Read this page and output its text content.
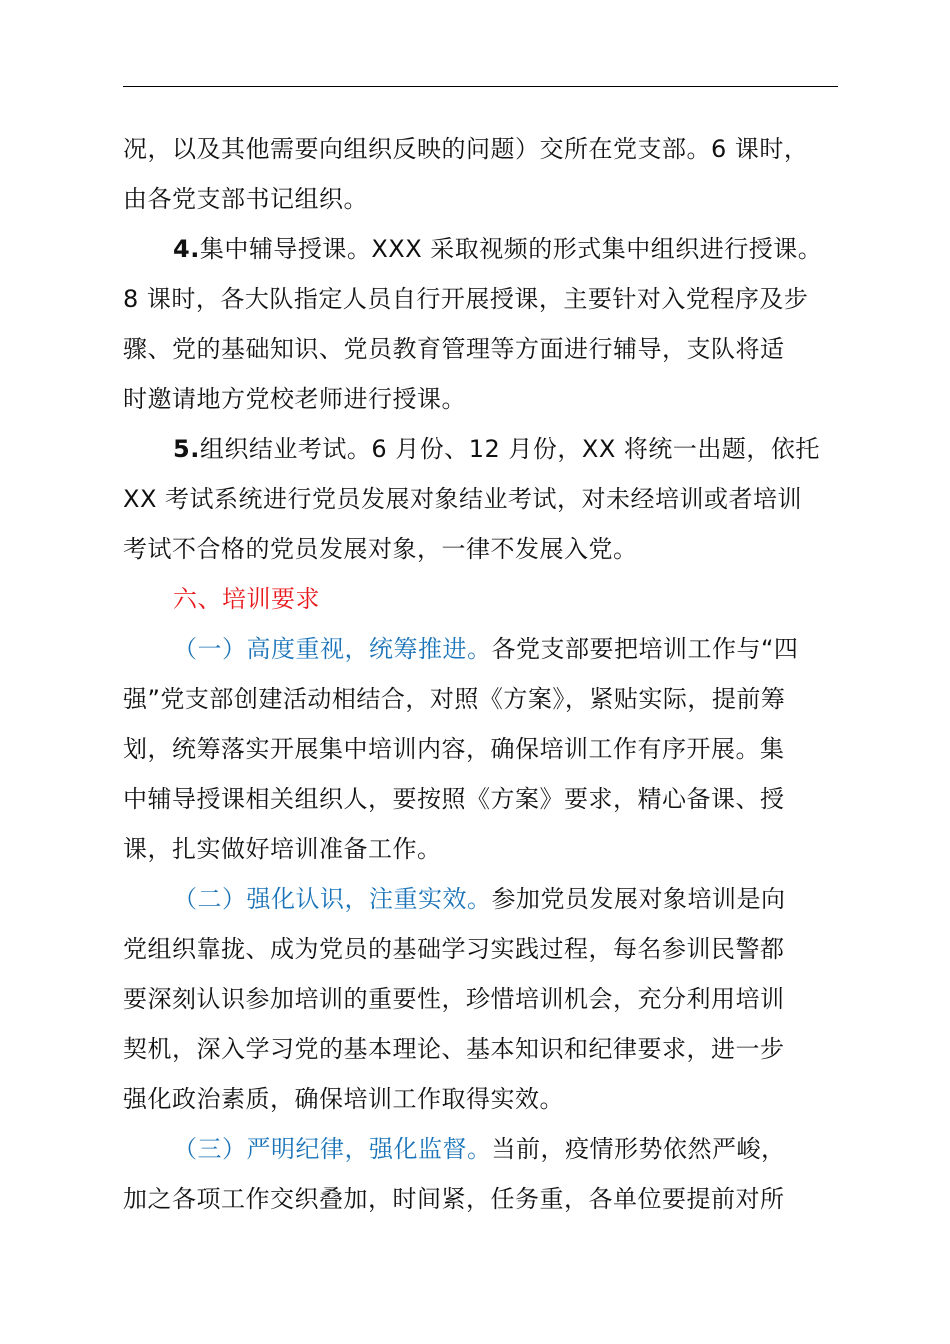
况，以及其他需要向组织反映的问题）交所在党支部。6 课时，
由各党支部书记组织。

4.集中辅导授课。XXX 采取视频的形式集中组织进行授课。
8 课时，各大队指定人员自行开展授课，主要针对入党程序及步
骤、党的基础知识、党员教育管理等方面进行辅导，支队将适
时邀请地方党校老师进行授课。

5.组织结业考试。6 月份、12 月份，XX 将统一出题，依托
XX 考试系统进行党员发展对象结业考试，对未经培训或者培训
考试不合格的党员发展对象，一律不发展入党。

六、培训要求

（一）高度重视，统筹推进。各党支部要把培训工作与“四
强”党支部创建活动相结合，对照《方案》，紧贴实际，提前筹
划，统筹落实开展集中培训内容，确保培训工作有序开展。集
中辅导授课相关组织人，要按照《方案》要求，精心备课、授
课，扎实做好培训准备工作。

（二）强化认识，注重实效。参加党员发展对象培训是向
党组织靠拢、成为党员的基础学习实践过程，每名参训民警都
要深刻认识参加培训的重要性，珍惜培训机会，充分利用培训
契机，深入学习党的基本理论、基本知识和纪律要求，进一步
强化政治素质，确保培训工作取得实效。

（三）严明纪律，强化监督。当前，疫情形势依然严峻，
加之各项工作交织叠加，时间紧，任务重，各单位要提前对所
